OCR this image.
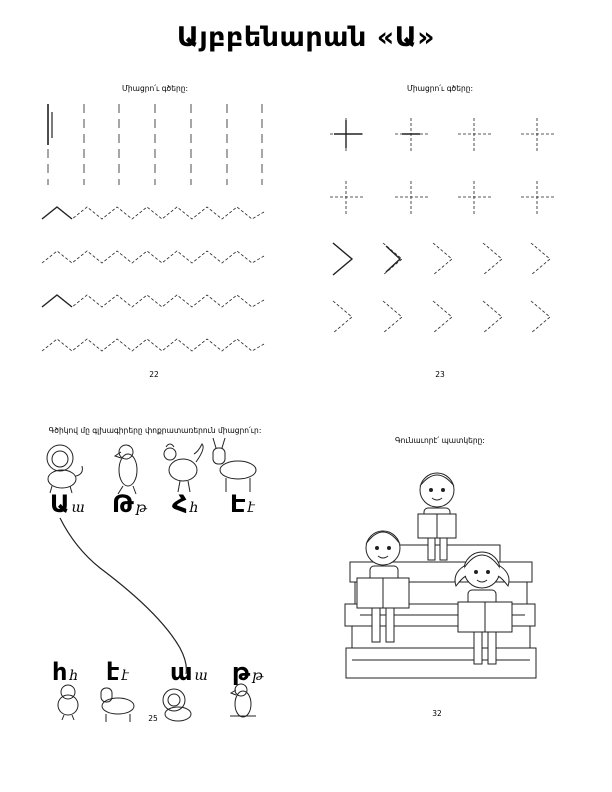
Այբբենարան «Ա»
Միացրո՛ւ գծերը:
22
Միացրո՛ւ գծերը:
23
Գծիկով մը գլխագիրերը փոքրատառերուն միացրո՛ւր:
Աա Թթ Հհ Էէ
հհ էէ աա թթ
25
Գունաւորէ՛ պատկերը:
32
